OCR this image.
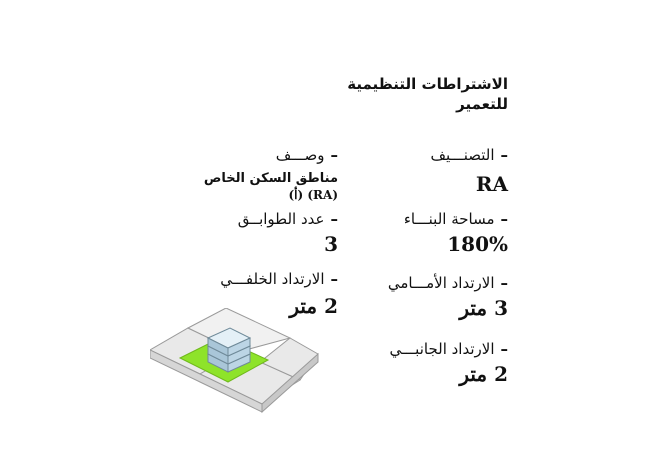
الاشتراطات التنظيمية
للتعمير
–التصنـــيف
RA
–مساحة البنـــاء
180%
–الارتداد الأمـــامي
3 متر
–الارتداد الجانبـــي
2 متر
–وصـــف
مناطق السكن الخاص
(RA) (أ)
–عدد الطوابــق
3
–الارتداد الخلفـــي
2 متر
